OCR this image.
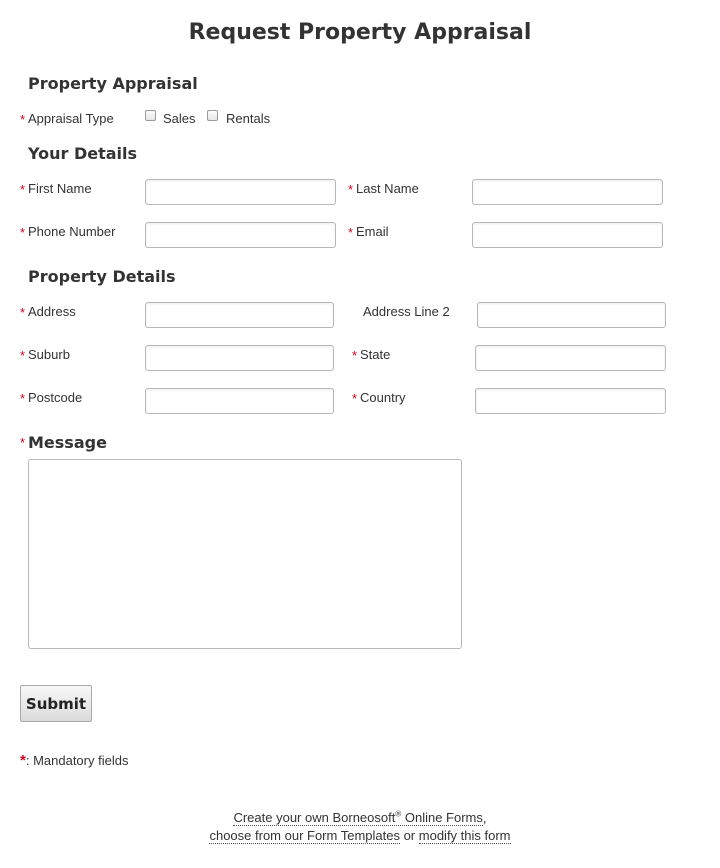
Request Property Appraisal
Property Appraisal
* Appraisal Type	Sales Rentals
Your Details
* First Name	* Last Name
* Phone Number	* Email
Property Details
* Address	Address Line 2
* Suburb	* State
* Postcode	* Country
* Message
Submit
*: Mandatory fields
Create your own Borneosoft® Online Forms,
choose from our Form Templates or modify this form
